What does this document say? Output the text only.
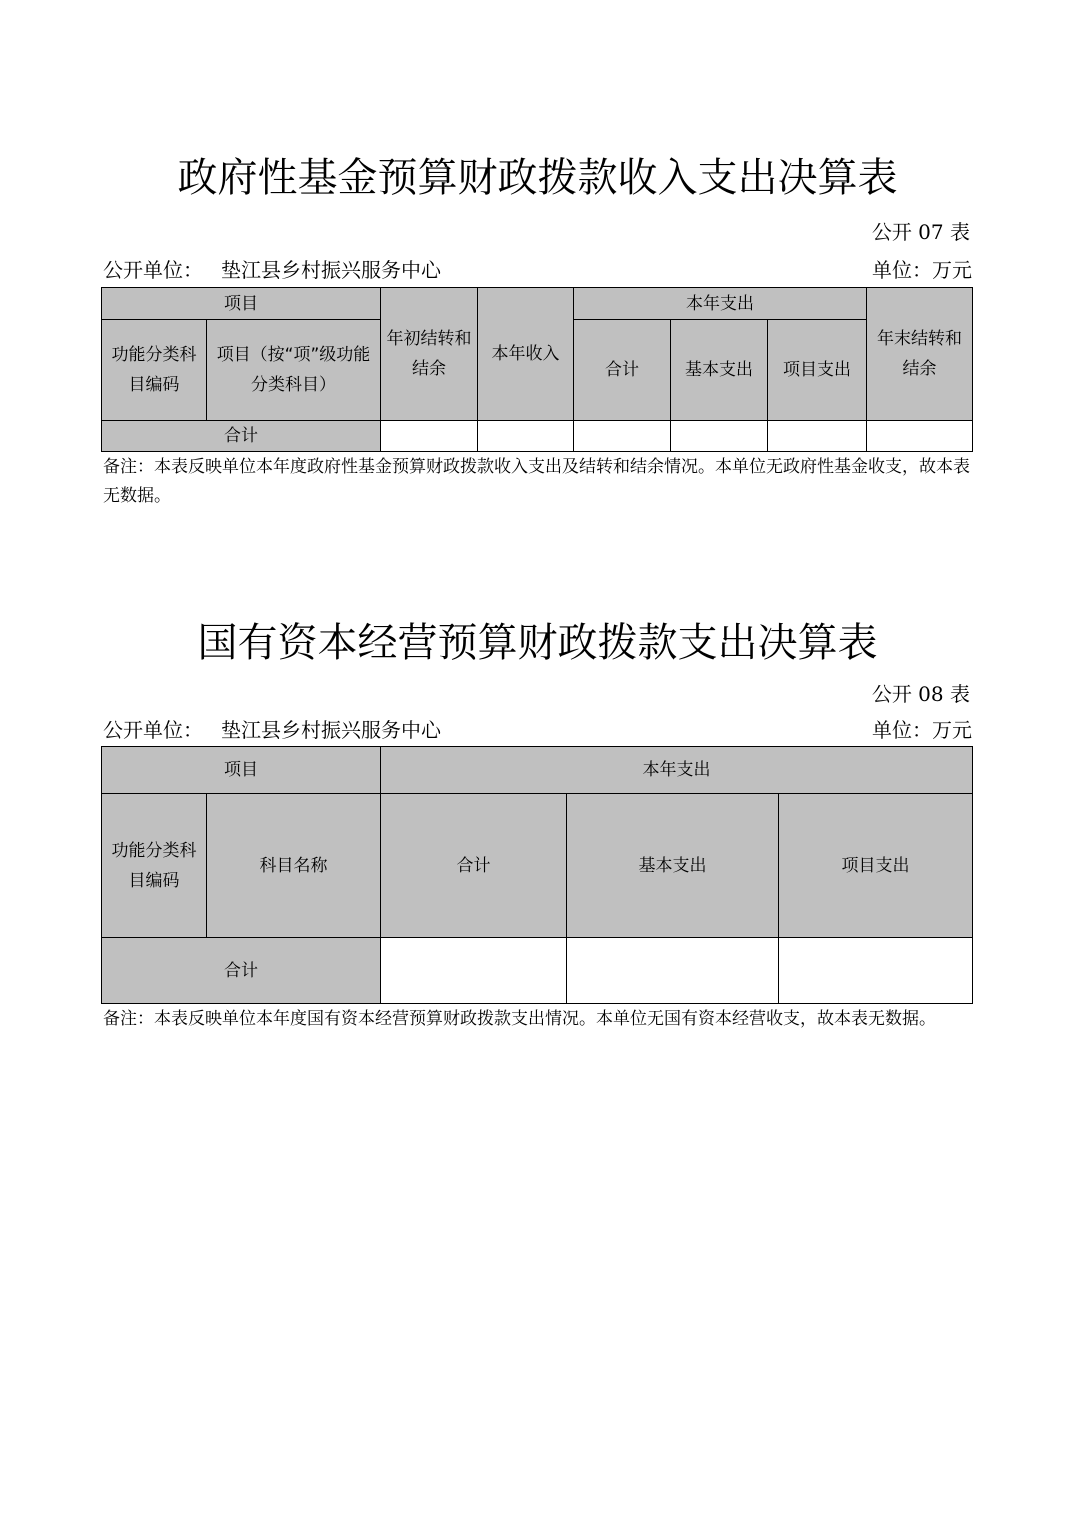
政府性基金预算财政拨款收入支出决算表
公开 07 表
公开单位： 垫江县乡村振兴服务中心	单位：万元
项目		年初结转和结余	本年收入	本年支出			年末结转和结余
功能分类科目编码	项目（按“项”级功能分类科目）			合计	基本支出	项目支出	
合计							

备注：本表反映单位本年度政府性基金预算财政拨款收入支出及结转和结余情况。本单位无政府性基金收支，故本表无数据。

国有资本经营预算财政拨款支出决算表
公开 08 表
公开单位： 垫江县乡村振兴服务中心	单位：万元
项目		本年支出		
功能分类科目编码	科目名称	合计	基本支出	项目支出
合计				

备注：本表反映单位本年度国有资本经营预算财政拨款支出情况。本单位无国有资本经营收支，故本表无数据。
